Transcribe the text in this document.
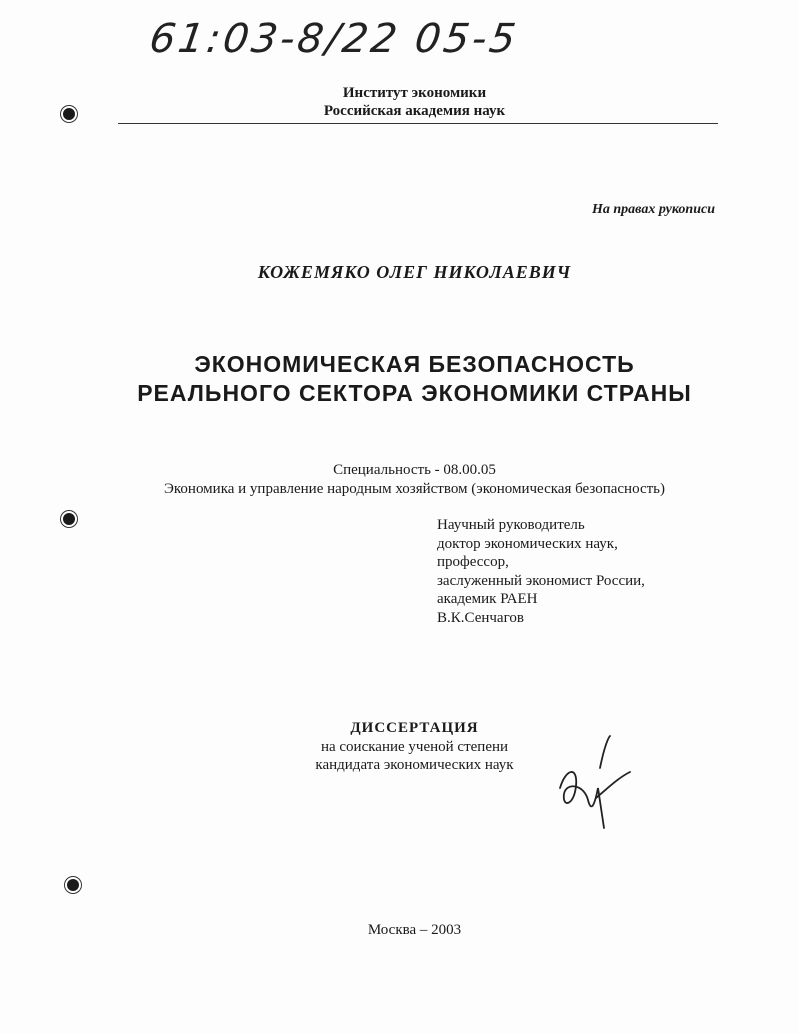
61:03-8/22 05-5
Институт экономики
Российская академия наук
На правах рукописи
КОЖЕМЯКО ОЛЕГ НИКОЛАЕВИЧ
ЭКОНОМИЧЕСКАЯ БЕЗОПАСНОСТЬ
РЕАЛЬНОГО СЕКТОРА ЭКОНОМИКИ СТРАНЫ
Специальность - 08.00.05
Экономика и управление народным хозяйством (экономическая безопасность)
Научный руководитель
доктор экономических наук,
профессор,
заслуженный экономист России,
академик РАЕН
В.К.Сенчагов
ДИССЕРТАЦИЯ
на соискание ученой степени
кандидата экономических наук
Москва – 2003
